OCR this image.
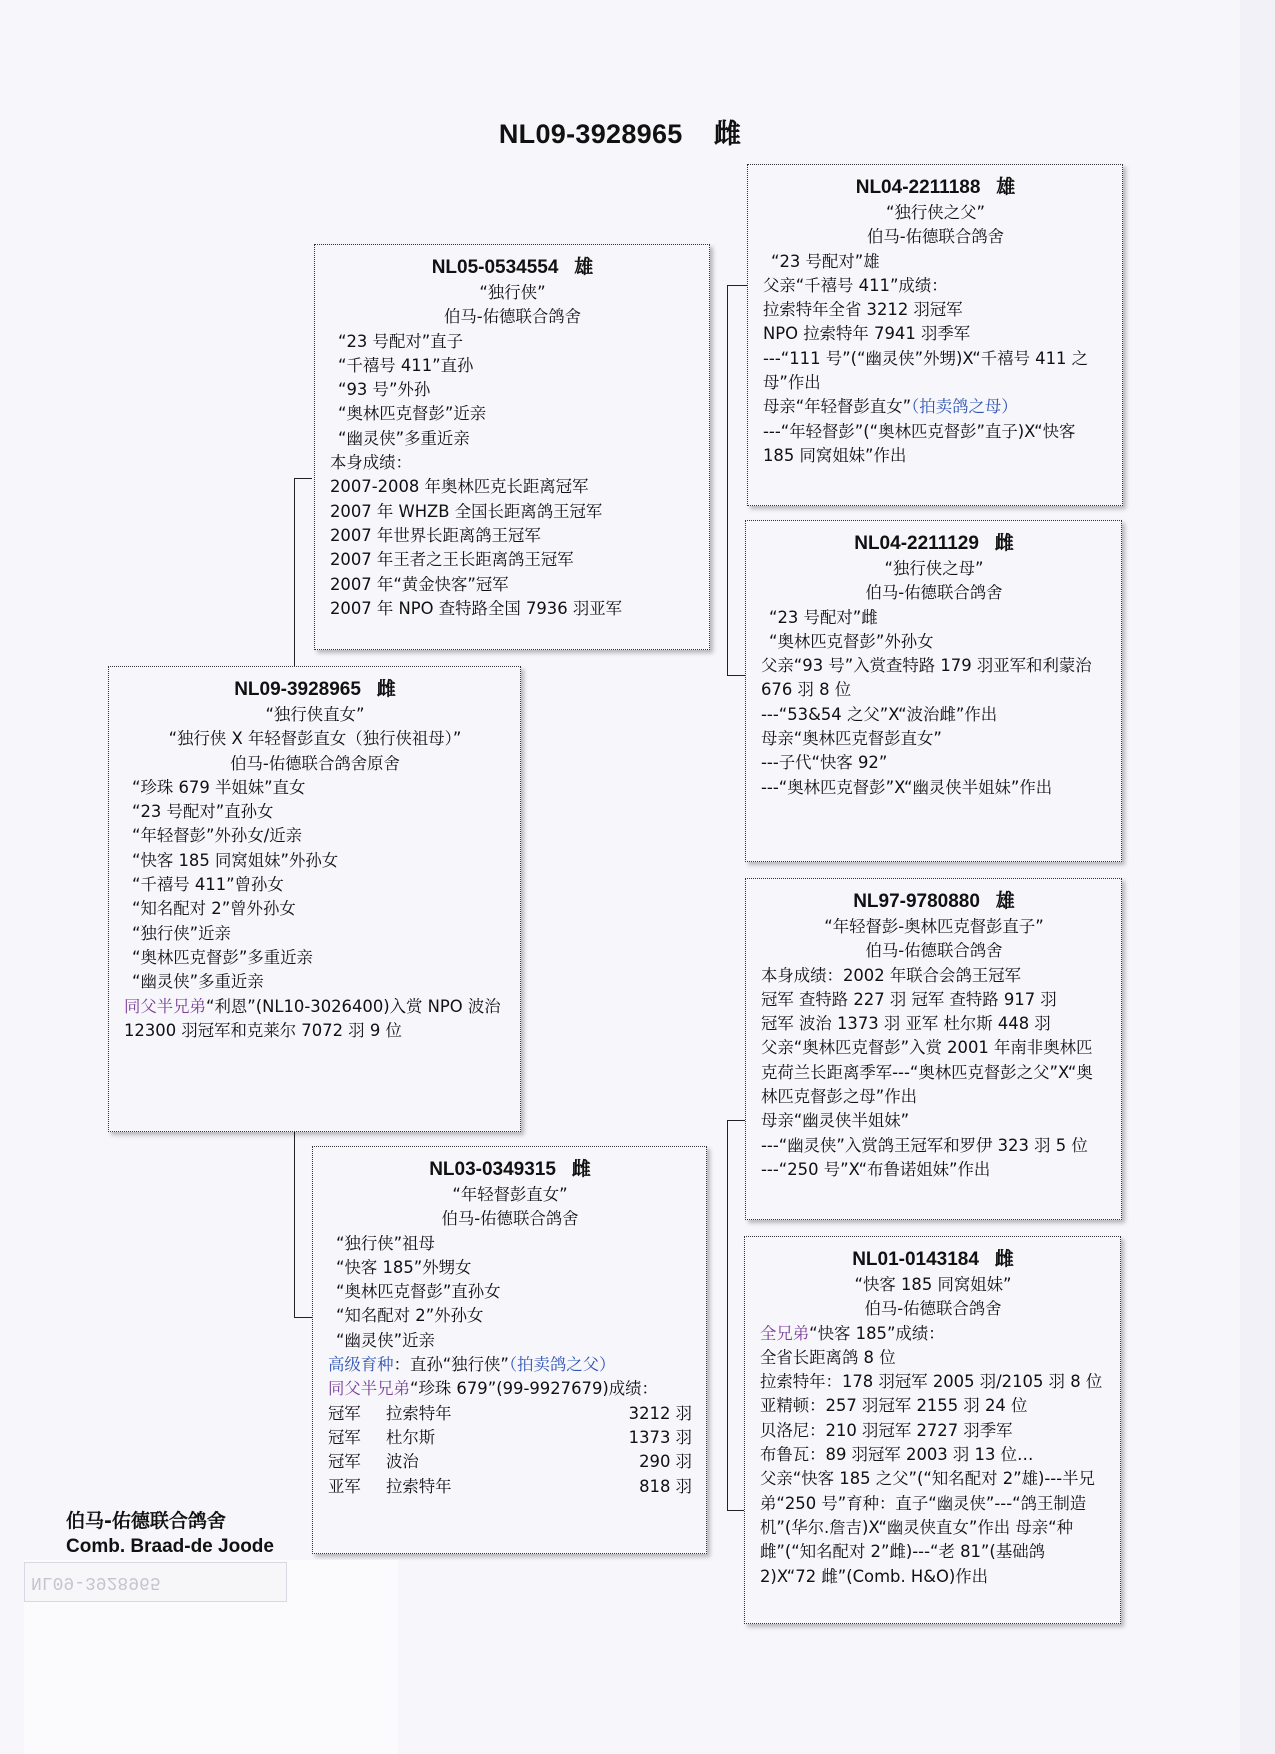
NL09-3928965 雌
NL05-0534554 雄
“独行侠”
伯马-佑德联合鸽舍
“23 号配对”直子
“千禧号 411”直孙
“93 号”外孙
“奥林匹克督彭”近亲
“幽灵侠”多重近亲
本身成绩：
2007-2008 年奥林匹克长距离冠军
2007 年 WHZB 全国长距离鸽王冠军
2007 年世界长距离鸽王冠军
2007 年王者之王长距离鸽王冠军
2007 年“黄金快客”冠军
2007 年 NPO 查特路全国 7936 羽亚军
NL09-3928965 雌
“独行侠直女”
“独行侠 X 年轻督彭直女（独行侠祖母）”
伯马-佑德联合鸽舍原舍
“珍珠 679 半姐妹”直女
“23 号配对”直孙女
“年轻督彭”外孙女/近亲
“快客 185 同窝姐妹”外孙女
“千禧号 411”曾孙女
“知名配对 2”曾外孙女
“独行侠”近亲
“奥林匹克督彭”多重近亲
“幽灵侠”多重近亲
同父半兄弟“利恩”(NL10-3026400)入赏 NPO 波治 12300 羽冠军和克莱尔 7072 羽 9 位
NL03-0349315 雌
“年轻督彭直女”
伯马-佑德联合鸽舍
“独行侠”祖母
“快客 185”外甥女
“奥林匹克督彭”直孙女
“知名配对 2”外孙女
“幽灵侠”近亲
高级育种：直孙“独行侠”（拍卖鸽之父）
同父半兄弟“珍珠 679”(99-9927679)成绩：
冠军	拉索特年	3212 羽
冠军	杜尔斯	1373 羽
冠军	波治	290 羽
亚军	拉索特年	818 羽
NL04-2211188 雄
“独行侠之父”
伯马-佑德联合鸽舍
“23 号配对”雄
父亲“千禧号 411”成绩：
拉索特年全省 3212 羽冠军
NPO 拉索特年 7941 羽季军
---“111 号”(“幽灵侠”外甥)X“千禧号 411 之母”作出
母亲“年轻督彭直女”（拍卖鸽之母）
---“年轻督彭”(“奥林匹克督彭”直子)X“快客 185 同窝姐妹”作出
NL04-2211129 雌
“独行侠之母”
伯马-佑德联合鸽舍
“23 号配对”雌
“奥林匹克督彭”外孙女
父亲“93 号”入赏查特路 179 羽亚军和利蒙治 676 羽 8 位
---“53&54 之父”X“波治雌”作出
母亲“奥林匹克督彭直女”
---子代“快客 92”
---“奥林匹克督彭”X“幽灵侠半姐妹”作出
NL97-9780880 雄
“年轻督彭-奥林匹克督彭直子”
伯马-佑德联合鸽舍
本身成绩：2002 年联合会鸽王冠军
冠军 查特路 227 羽 冠军 查特路 917 羽
冠军 波治 1373 羽 亚军 杜尔斯 448 羽
父亲“奥林匹克督彭”入赏 2001 年南非奥林匹克荷兰长距离季军---“奥林匹克督彭之父”X“奥林匹克督彭之母”作出
母亲“幽灵侠半姐妹”
---“幽灵侠”入赏鸽王冠军和罗伊 323 羽 5 位
---“250 号”X“布鲁诺姐妹”作出
NL01-0143184 雌
“快客 185 同窝姐妹”
伯马-佑德联合鸽舍
全兄弟“快客 185”成绩：
全省长距离鸽 8 位
拉索特年：178 羽冠军 2005 羽/2105 羽 8 位 亚精顿：257 羽冠军 2155 羽 24 位
贝洛尼：210 羽冠军 2727 羽季军
布鲁瓦：89 羽冠军 2003 羽 13 位…
父亲“快客 185 之父”(“知名配对 2”雄)---半兄弟“250 号”育种：直子“幽灵侠”---“鸽王制造机”(华尔.詹吉)X“幽灵侠直女”作出 母亲“种雌”(“知名配对 2”雌)---“老 81”(基础鸽 2)X“72 雌”(Comb. H&O)作出
伯马-佑德联合鸽舍
Comb. Braad-de Joode
NL09-3928965
